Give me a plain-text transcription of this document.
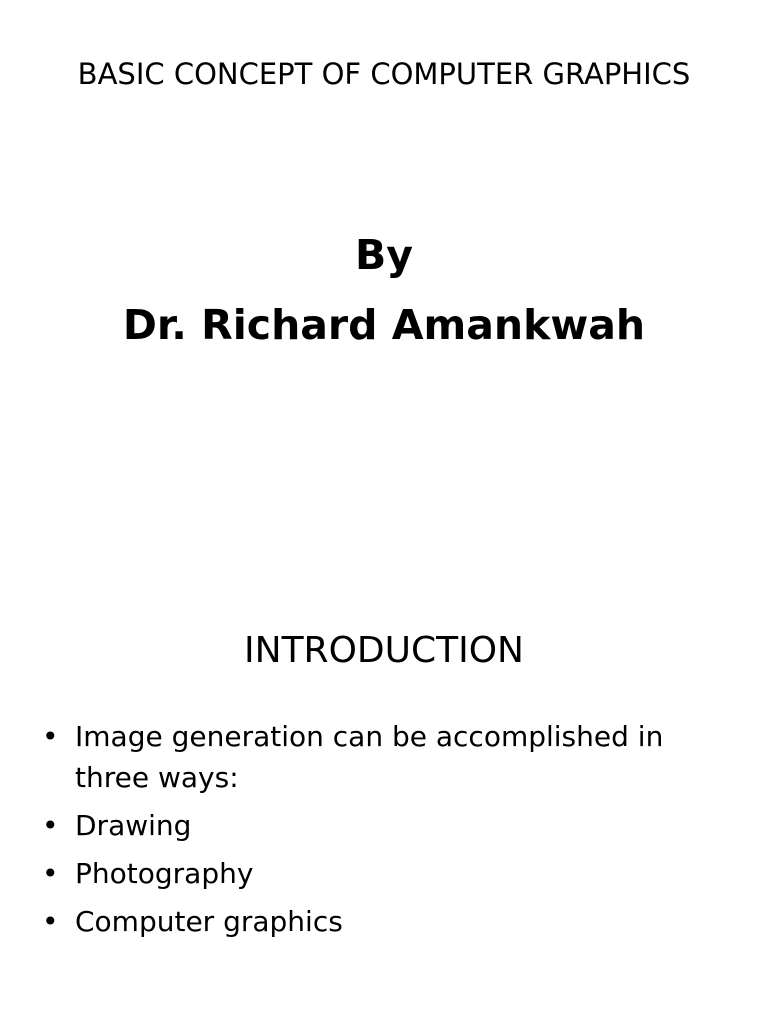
BASIC CONCEPT OF COMPUTER GRAPHICS
By
Dr. Richard Amankwah
INTRODUCTION
• Image generation can be accomplished in three ways:
• Drawing
• Photography
• Computer graphics
